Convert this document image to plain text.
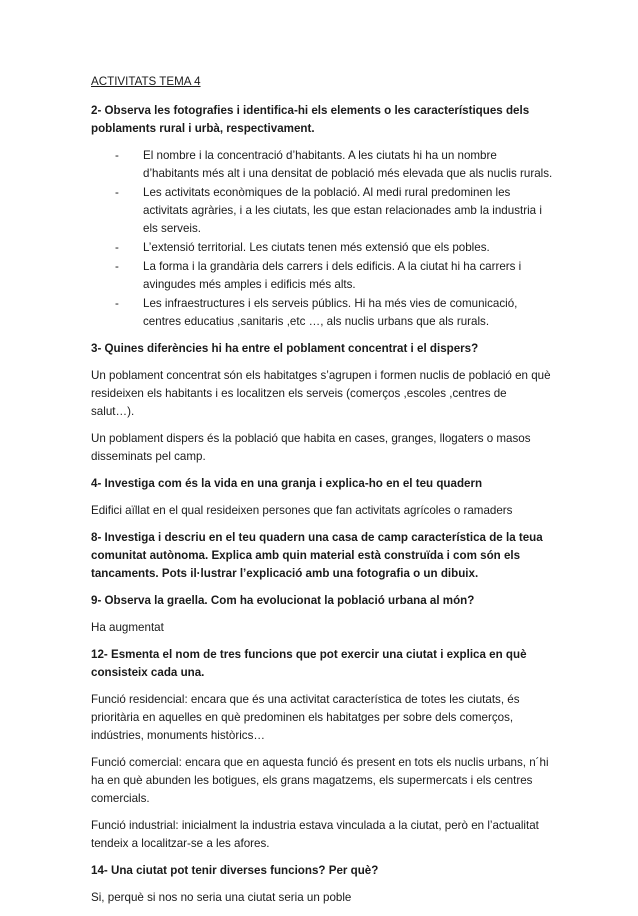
ACTIVITATS TEMA 4
2- Observa les fotografies i identifica-hi els elements o les característiques dels poblaments rural i urbà, respectivament.
- El nombre i la concentració d’habitants. A les ciutats hi ha un nombre d’habitants més alt i una densitat de població més elevada que als nuclis rurals.
- Les activitats econòmiques de la població. Al medi rural predominen les activitats agràries, i a les ciutats, les que estan relacionades amb la industria i els serveis.
- L’extensió territorial. Les ciutats tenen més extensió que els pobles.
- La forma i la grandària dels carrers i dels edificis. A la ciutat hi ha carrers i avingudes més amples i edificis més alts.
- Les infraestructures i els serveis públics. Hi ha més vies de comunicació, centres educatius ,sanitaris ,etc …, als nuclis urbans que als rurals.
3- Quines diferències hi ha entre el poblament concentrat i el dispers?
Un poblament concentrat són els habitatges s’agrupen i formen nuclis de població en què resideixen els habitants i es localitzen els serveis (comerços ,escoles ,centres de salut…).
Un poblament dispers és la població que habita en cases, granges, llogaters o masos disseminats pel camp.
4- Investiga com és la vida en una granja i explica-ho en el teu quadern
Edifici aïllat en el qual resideixen persones que fan activitats agrícoles o ramaders
8- Investiga i descriu en el teu quadern una casa de camp característica de la teua comunitat autònoma. Explica amb quin material està construïda i com són els tancaments. Pots il·lustrar l’explicació amb una fotografia o un dibuix.
9- Observa la graella. Com ha evolucionat la població urbana al món?
Ha augmentat
12- Esmenta el nom de tres funcions que pot exercir una ciutat i explica en què consisteix cada una.
Funció residencial: encara que és una activitat característica de totes les ciutats, és prioritària en aquelles en què predominen els habitatges per sobre dels comerços, indústries, monuments històrics…
Funció comercial: encara que en aquesta funció és present en tots els nuclis urbans, n´hi ha en què abunden les botigues, els grans magatzems, els supermercats i els centres comercials.
Funció industrial: inicialment la industria estava vinculada a la ciutat, però en l’actualitat tendeix a localitzar-se a les afores.
14- Una ciutat pot tenir diverses funcions? Per què?
Si, perquè si nos no seria una ciutat seria un poble
